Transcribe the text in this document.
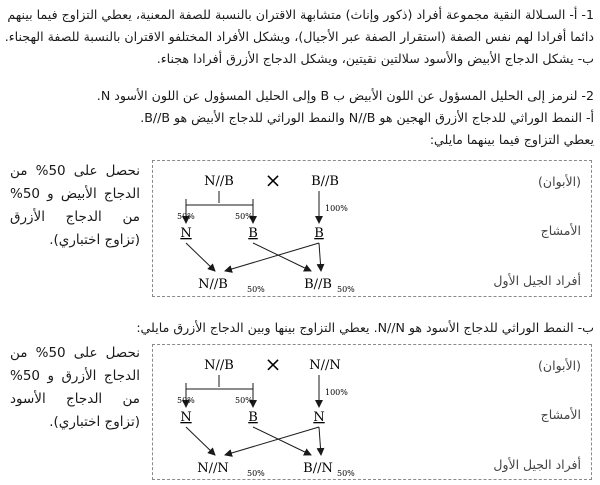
1- أ- السـلالة النقية مجموعة أفراد (ذكور وإناث) متشابهة الاقتران بالنسبة للصفة المعنية، يعطي التزاوج فيما بينهم
دائما أفرادا لهم نفس الصفة (استقرار الصفة عبر الأجيال)، ويشكل الأفراد المختلفو الاقتران بالنسبة للصفة الهجناء.
ب- يشكل الدجاج الأبيض والأسود سلالتين نقيتين، ويشكل الدجاج الأزرق أفرادا هجناء.
2- لنرمز إلى الحليل المسؤول عن اللون الأبيض ب B وإلى الحليل المسؤول عن اللون الأسود N.
أ- النمط الوراثي للدجاج الأزرق الهجين هو N//B والنمط الوراثي للدجاج الأبيض هو B//B.
يعطي التزاوج فيما بينهما مايلي:
نحصل على 50% من الدجاج الأبيض و 50% من الدجاج الأزرق (تزاوج اختباري).
(الأبوان)
الأمشاج
أفراد الجيل الأول
N//B × B//B
50%	50%
100%
N	B	B
N//B 50%	B//B 50%
ب- النمط الوراثي للدجاج الأسود هو N//N. يعطي التزاوج بينها وبين الدجاج الأزرق مايلي:
نحصل على 50% من الدجاج الأزرق و 50% من الدجاج الأسود (تزاوج اختباري).
(الأبوان)
الأمشاج
أفراد الجيل الأول
N//B × N//N
50%	50%
100%
N	B	N
N//N 50%	B//N 50%
